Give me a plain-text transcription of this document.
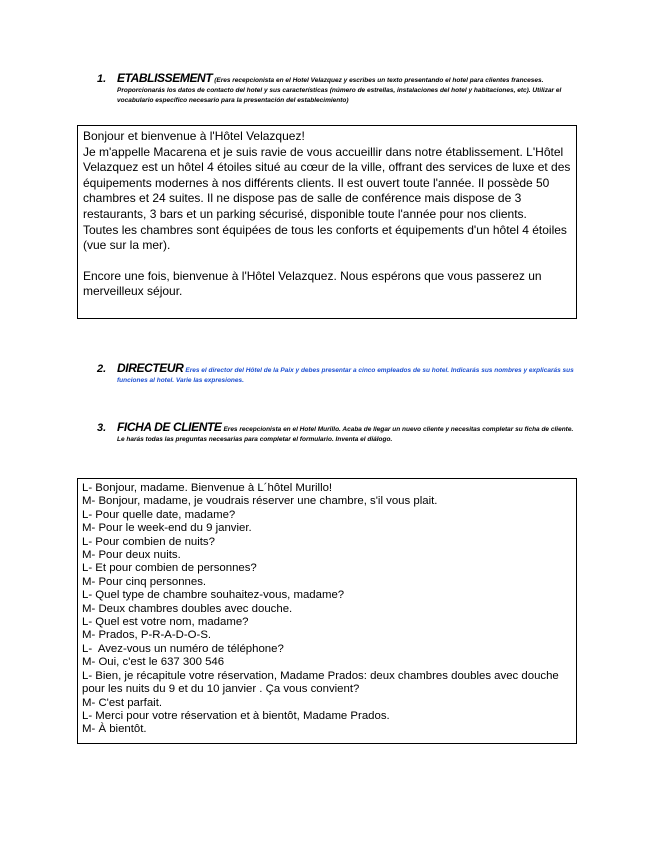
1. ETABLISSEMENT (Eres recepcionista en el Hotel Velazquez y escribes un texto presentando el hotel para clientes franceses. Proporcionarás los datos de contacto del hotel y sus características (número de estrellas, instalaciones del hotel y habitaciones, etc). Utilizar el vocabulario específico necesario para la presentación del establecimiento)

Bonjour et bienvenue à l'Hôtel Velazquez!

Je m'appelle Macarena et je suis ravie de vous accueillir dans notre établissement. L'Hôtel Velazquez est un hôtel 4 étoiles situé au cœur de la ville, offrant des services de luxe et des équipements modernes à nos différents clients. Il est ouvert toute l'année. Il possède 50 chambres et 24 suites. Il ne dispose pas de salle de conférence mais dispose de 3 restaurants, 3 bars et un parking sécurisé, disponible toute l'année pour nos clients.

Toutes les chambres sont équipées de tous les conforts et équipements d'un hôtel 4 étoiles (vue sur la mer).

Encore une fois, bienvenue à l'Hôtel Velazquez. Nous espérons que vous passerez un merveilleux séjour.

2. DIRECTEUR Eres el director del Hôtel de la Paix y debes presentar a cinco empleados de su hotel. Indicarás sus nombres y explicarás sus funciones al hotel. Varie las expresiones.
3. FICHA DE CLIENTE Eres recepcionista en el Hotel Murillo. Acaba de llegar un nuevo cliente y necesitas completar su ficha de cliente. Le harás todas las preguntas necesarias para completar el formulario. Inventa el diálogo.
L- Bonjour, madame. Bienvenue à L´hôtel Murillo!
M- Bonjour, madame, je voudrais réserver une chambre, s'il vous plait.
L- Pour quelle date, madame?
M- Pour le week-end du 9 janvier.
L- Pour combien de nuits?
M- Pour deux nuits.
L- Et pour combien de personnes?
M- Pour cinq personnes.
L- Quel type de chambre souhaitez-vous, madame?
M- Deux chambres doubles avec douche.
L- Quel est votre nom, madame?
M- Prados, P-R-A-D-O-S.
L-  Avez-vous un numéro de téléphone?
M- Oui, c'est le 637 300 546
L- Bien, je récapitule votre réservation, Madame Prados: deux chambres doubles avec douche pour les nuits du 9 et du 10 janvier . Ça vous convient?
M- C'est parfait.
L- Merci pour votre réservation et à bientôt, Madame Prados.
M- À bientôt.
